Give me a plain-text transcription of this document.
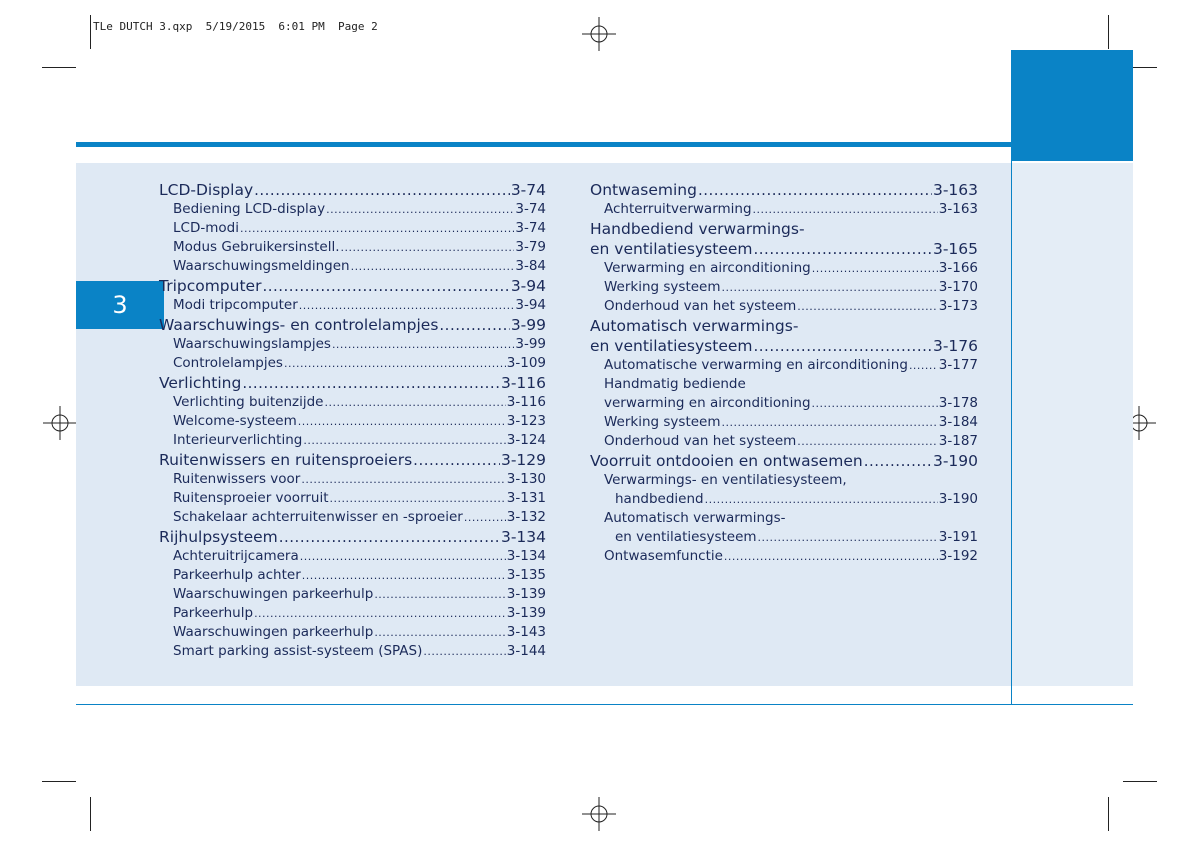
TLe DUTCH 3.qxp  5/19/2015  6:01 PM  Page 2
3
LCD-Display .....	3-74
Bediening LCD-display .....	3-74
LCD-modi .....	3-74
Modus Gebruikersinstell. .....	3-79
Waarschuwingsmeldingen .....	3-84
Tripcomputer .....	3-94
Modi tripcomputer .....	3-94
Waarschuwings- en controlelampjes .....	3-99
Waarschuwingslampjes .....	3-99
Controlelampjes .....	3-109
Verlichting .....	3-116
Verlichting buitenzijde .....	3-116
Welcome-systeem .....	3-123
Interieurverlichting .....	3-124
Ruitenwissers en ruitensproeiers .....	3-129
Ruitenwissers voor .....	3-130
Ruitensproeier voorruit .....	3-131
Schakelaar achterruitenwisser en -sproeier .....	3-132
Rijhulpsysteem .....	3-134
Achteruitrijcamera .....	3-134
Parkeerhulp achter .....	3-135
Waarschuwingen parkeerhulp .....	3-139
Parkeerhulp .....	3-139
Waarschuwingen parkeerhulp .....	3-143
Smart parking assist-systeem (SPAS) .....	3-144
Ontwaseming .....	3-163
Achterruitverwarming .....	3-163
Handbediend verwarmings-
en ventilatiesysteem .....	3-165
Verwarming en airconditioning .....	3-166
Werking systeem .....	3-170
Onderhoud van het systeem .....	3-173
Automatisch verwarmings-
en ventilatiesysteem .....	3-176
Automatische verwarming en airconditioning ..... 3-177
Handmatig bediende
verwarming en airconditioning .....	3-178
Werking systeem .....	3-184
Onderhoud van het systeem .....	3-187
Voorruit ontdooien en ontwasemen .....	3-190
Verwarmings- en ventilatiesysteem,
handbediend .....	3-190
Automatisch verwarmings-
en ventilatiesysteem .....	3-191
Ontwasemfunctie .....	3-192
